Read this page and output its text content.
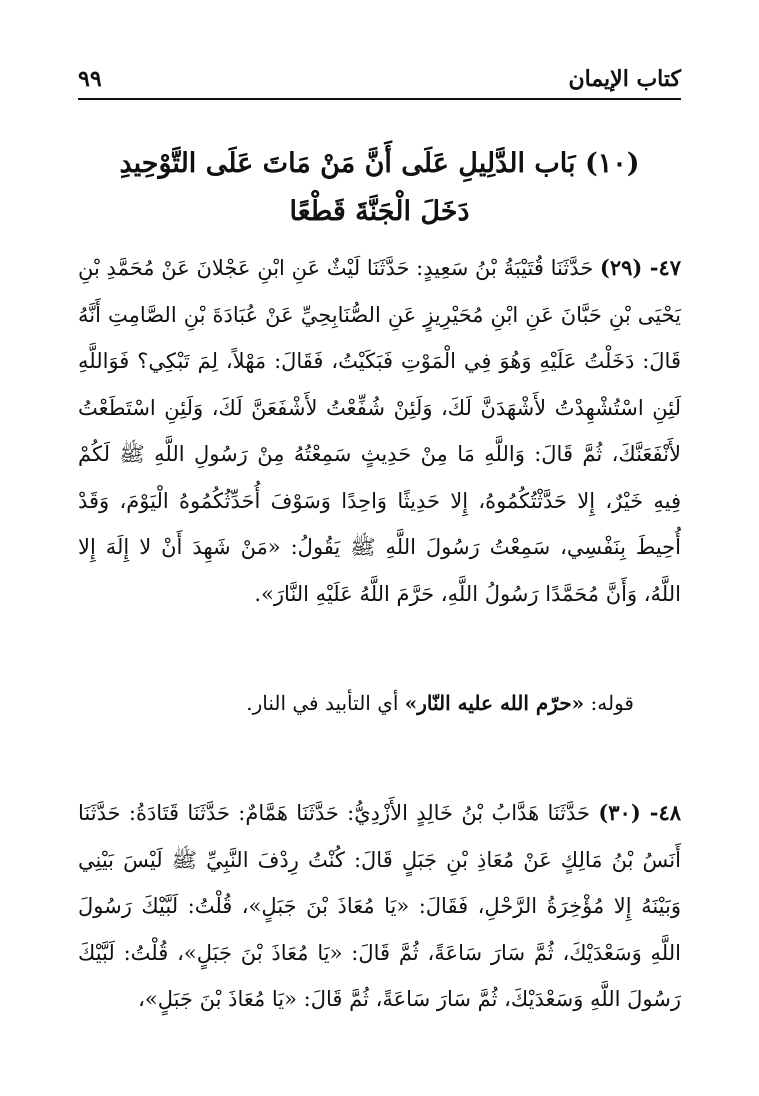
كتاب الإيمان
٩٩
(١٠) بَاب الدَّلِيلِ عَلَى أَنَّ مَنْ مَاتَ عَلَى التَّوْحِيدِ
دَخَلَ الْجَنَّةَ قَطْعًا
٤٧- (٢٩) حَدَّثَنَا قُتَيْبَةُ بْنُ سَعِيدٍ: حَدَّثَنَا لَيْثٌ عَنِ ابْنِ عَجْلانَ عَنْ مُحَمَّدِ بْنِ يَحْيَى بْنِ حَبَّانَ عَنِ ابْنِ مُحَيْرِيزٍ عَنِ الصُّنَابِحِيِّ عَنْ عُبَادَةَ بْنِ الصَّامِتِ أَنَّهُ قَالَ: دَخَلْتُ عَلَيْهِ وَهُوَ فِي الْمَوْتِ فَبَكَيْتُ، فَقَالَ: مَهْلاً، لِمَ تَبْكِي؟ فَوَاللَّهِ لَئِنِ اسْتُشْهِدْتُ لأَشْهَدَنَّ لَكَ، وَلَئِنْ شُفِّعْتُ لأَشْفَعَنَّ لَكَ، وَلَئِنِ اسْتَطَعْتُ لأَنْفَعَنَّكَ، ثُمَّ قَالَ: وَاللَّهِ مَا مِنْ حَدِيثٍ سَمِعْتُهُ مِنْ رَسُولِ اللَّهِ ﷺ لَكُمْ فِيهِ خَيْرٌ، إِلا حَدَّثْتُكُمُوهُ، إِلا حَدِيثًا وَاحِدًا وَسَوْفَ أُحَدِّثُكُمُوهُ الْيَوْمَ، وَقَدْ أُحِيطَ بِنَفْسِي، سَمِعْتُ رَسُولَ اللَّهِ ﷺ يَقُولُ: «مَنْ شَهِدَ أَنْ لا إِلَهَ إِلا اللَّهُ، وَأَنَّ مُحَمَّدًا رَسُولُ اللَّهِ، حَرَّمَ اللَّهُ عَلَيْهِ النَّارَ».
قوله: «حرّم الله عليه النّار» أي التأبيد في النار.
٤٨- (٣٠) حَدَّثَنَا هَدَّابُ بْنُ خَالِدٍ الأَزْدِيُّ: حَدَّثَنَا هَمَّامٌ: حَدَّثَنَا قَتَادَةُ: حَدَّثَنَا أَنَسُ بْنُ مَالِكٍ عَنْ مُعَاذِ بْنِ جَبَلٍ قَالَ: كُنْتُ رِدْفَ النَّبِيِّ ﷺ لَيْسَ بَيْنِي وَبَيْنَهُ إِلا مُؤْخِرَةُ الرَّحْلِ، فَقَالَ: «يَا مُعَاذَ بْنَ جَبَلٍ»، قُلْتُ: لَبَّيْكَ رَسُولَ اللَّهِ وَسَعْدَيْكَ، ثُمَّ سَارَ سَاعَةً، ثُمَّ قَالَ: «يَا مُعَاذَ بْنَ جَبَلٍ»، قُلْتُ: لَبَّيْكَ رَسُولَ اللَّهِ وَسَعْدَيْكَ، ثُمَّ سَارَ سَاعَةً، ثُمَّ قَالَ: «يَا مُعَاذَ بْنَ جَبَلٍ»،
